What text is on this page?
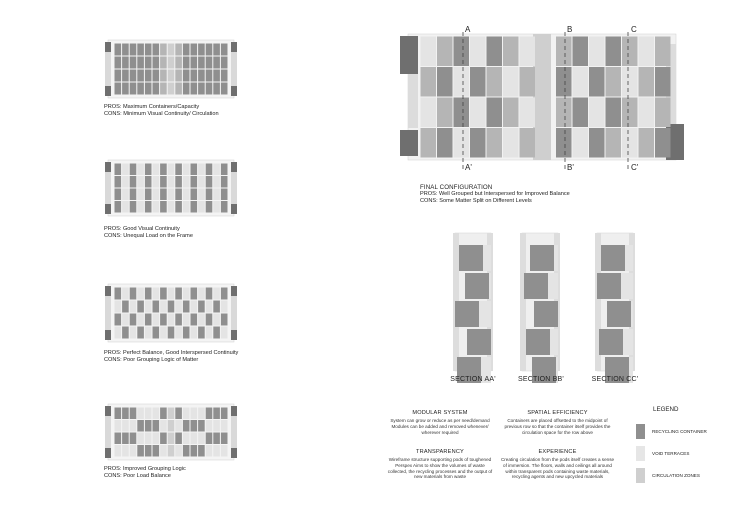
PROS: Maximum Containers/Capacity
CONS: Minimum Visual Continuity/ Circulation
PROS: Good Visual Continuity
CONS: Unequal Load on the Frame
PROS: Perfect Balance, Good Interspersed Continuity
CONS: Poor Grouping Logic of Matter
PROS: Improved Grouping Logic
CONS: Poor Load Balance
A
A'
B
B'
C
C'
FINAL CONFIGURATION
PROS: Well Grouped but Interspersed for Improved Balance
CONS: Some Matter Split on Different Levels
SECTION AA'	SECTION BB'	SECTION CC'
MODULAR SYSTEM
System can grow or reduce as per need/demand Modules can be added and removed whenever/ wherever required
SPATIAL EFFICIENCY
Containers are placed offsetted to the midpoint of previous row so that the container itself provides the circulation space for the row above
TRANSPARENCY
Wireframe structure supporting pods of toughened Perspex Aims to show the volumes of waste collected, the recycling processes and the output of new materials from waste
EXPERIENCE
Creating circulation from the pods itself creates a sense of immersion. The floors, walls and ceilings all around within transparent pods containing waste materials, recycling agents and new upcycled materials
LEGEND
RECYCLING CONTAINER
VOID TERRACES
CIRCULATION ZONES
